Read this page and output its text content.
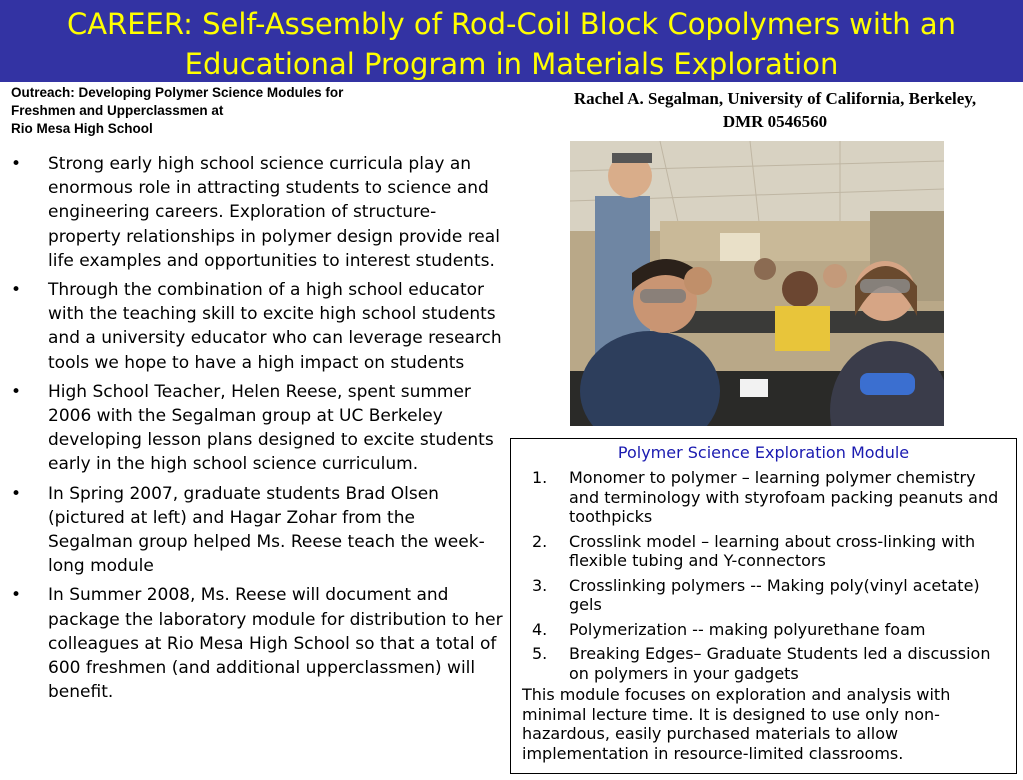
CAREER: Self-Assembly of Rod-Coil Block Copolymers with an
Educational Program in Materials Exploration
Outreach: Developing Polymer Science Modules for
Freshmen and Upperclassmen at
Rio Mesa High School
Rachel A. Segalman, University of California, Berkeley,
DMR 0546560
• Strong early high school science curricula play an enormous role in attracting students to science and engineering careers. Exploration of structure-property relationships in polymer design provide real life examples and opportunities to interest students.
• Through the combination of a high school educator with the teaching skill to excite high school students and a university educator who can leverage research tools we hope to have a high impact on students
• High School Teacher, Helen Reese, spent summer 2006 with the Segalman group at UC Berkeley developing lesson plans designed to excite students early in the high school science curriculum.
• In Spring 2007, graduate students Brad Olsen (pictured at left) and Hagar Zohar from the Segalman group helped Ms. Reese teach the week-long module
• In Summer 2008, Ms. Reese will document and package the laboratory module for distribution to her colleagues at Rio Mesa High School so that a total of 600 freshmen (and additional upperclassmen) will benefit.
Polymer Science Exploration Module
1. Monomer to polymer – learning polymer chemistry and terminology with styrofoam packing peanuts and toothpicks
2. Crosslink model – learning about cross-linking with flexible tubing and Y-connectors
3. Crosslinking polymers -- Making poly(vinyl acetate) gels
4. Polymerization -- making polyurethane foam
5. Breaking Edges– Graduate Students led a discussion on polymers in your gadgets
This module focuses on exploration and analysis with minimal lecture time. It is designed to use only non-hazardous, easily purchased materials to allow implementation in resource-limited classrooms.
